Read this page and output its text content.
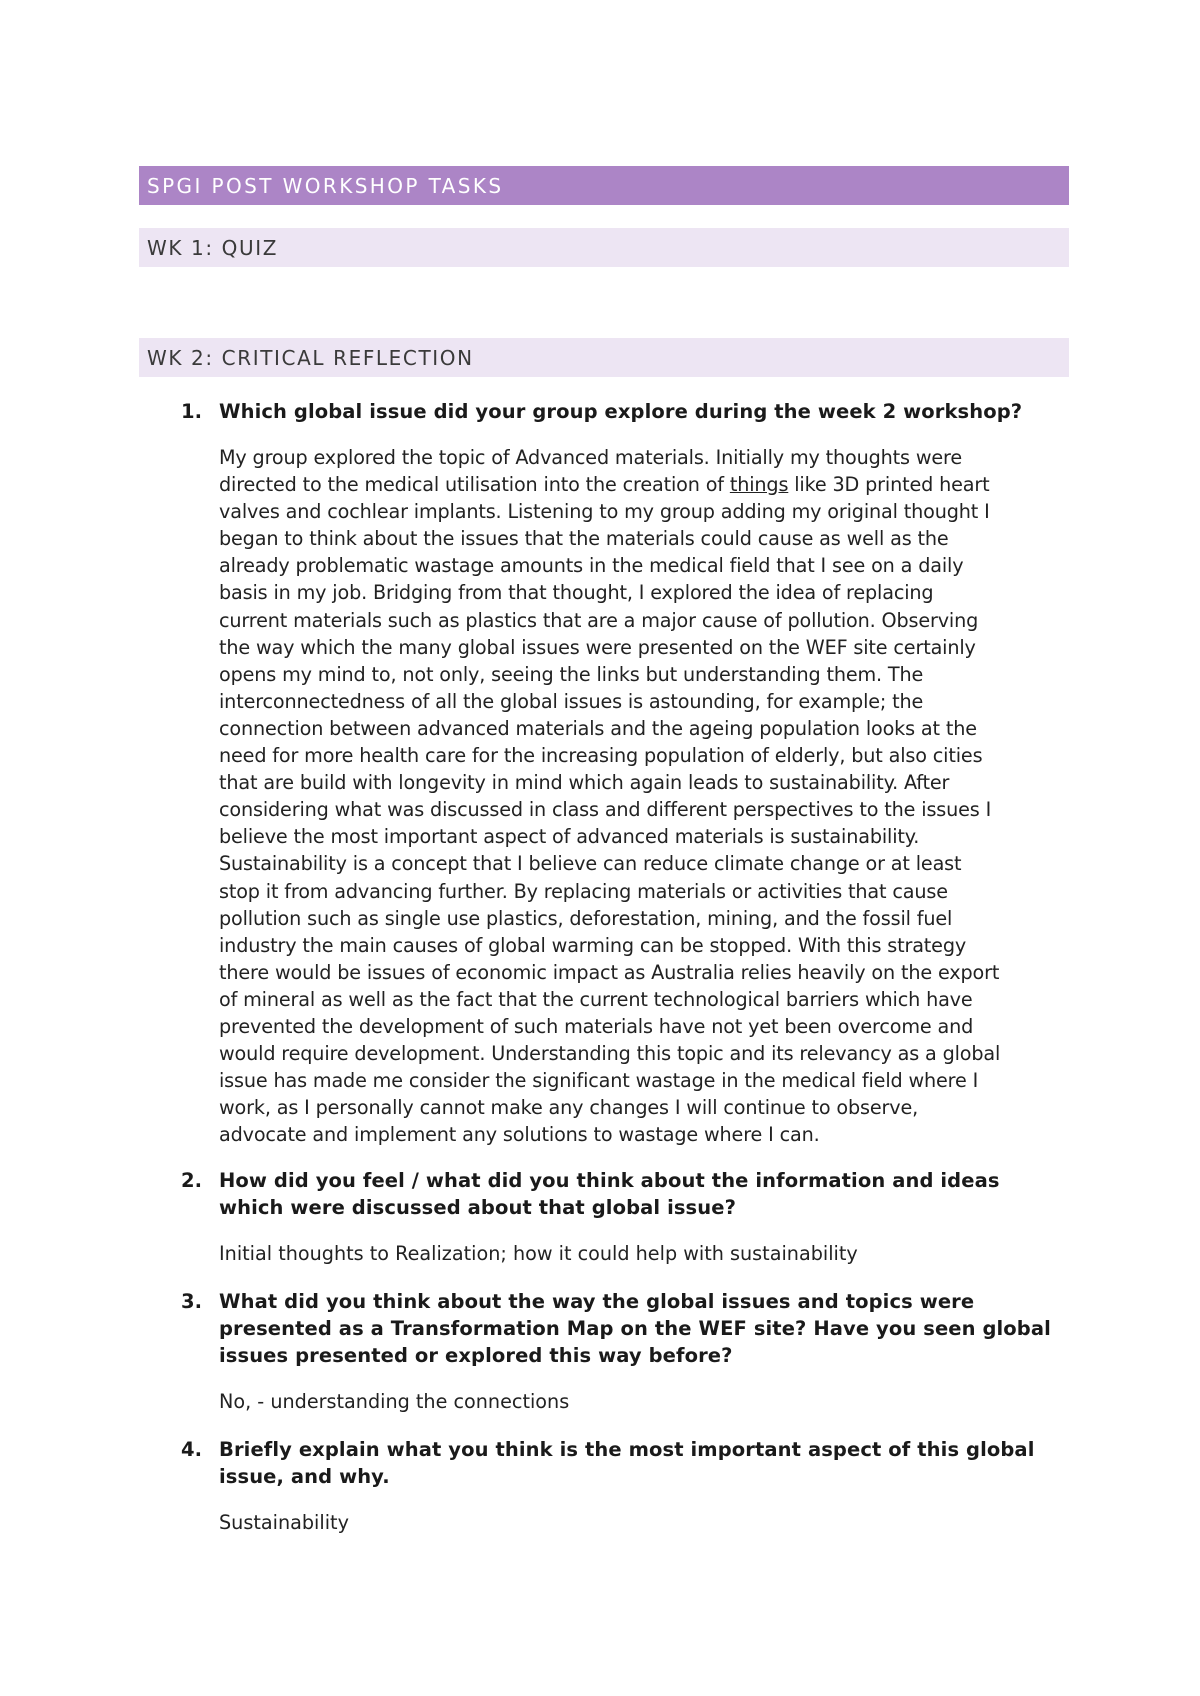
SPGI POST WORKSHOP TASKS
WK 1: QUIZ
WK 2: CRITICAL REFLECTION
1. Which global issue did your group explore during the week 2 workshop?

My group explored the topic of Advanced materials. Initially my thoughts were
directed to the medical utilisation into the creation of things like 3D printed heart
valves and cochlear implants. Listening to my group adding my original thought I
began to think about the issues that the materials could cause as well as the
already problematic wastage amounts in the medical field that I see on a daily
basis in my job. Bridging from that thought, I explored the idea of replacing
current materials such as plastics that are a major cause of pollution. Observing
the way which the many global issues were presented on the WEF site certainly
opens my mind to, not only, seeing the links but understanding them. The
interconnectedness of all the global issues is astounding, for example; the
connection between advanced materials and the ageing population looks at the
need for more health care for the increasing population of elderly, but also cities
that are build with longevity in mind which again leads to sustainability. After
considering what was discussed in class and different perspectives to the issues I
believe the most important aspect of advanced materials is sustainability.
Sustainability is a concept that I believe can reduce climate change or at least
stop it from advancing further. By replacing materials or activities that cause
pollution such as single use plastics, deforestation, mining, and the fossil fuel
industry the main causes of global warming can be stopped. With this strategy
there would be issues of economic impact as Australia relies heavily on the export
of mineral as well as the fact that the current technological barriers which have
prevented the development of such materials have not yet been overcome and
would require development. Understanding this topic and its relevancy as a global
issue has made me consider the significant wastage in the medical field where I
work, as I personally cannot make any changes I will continue to observe,
advocate and implement any solutions to wastage where I can.
2. How did you feel / what did you think about the information and ideas which were discussed about that global issue?

Initial thoughts to Realization; how it could help with sustainability

3. What did you think about the way the global issues and topics were presented as a Transformation Map on the WEF site? Have you seen global issues presented or explored this way before?

No, - understanding the connections

4. Briefly explain what you think is the most important aspect of this global issue, and why.

Sustainability
